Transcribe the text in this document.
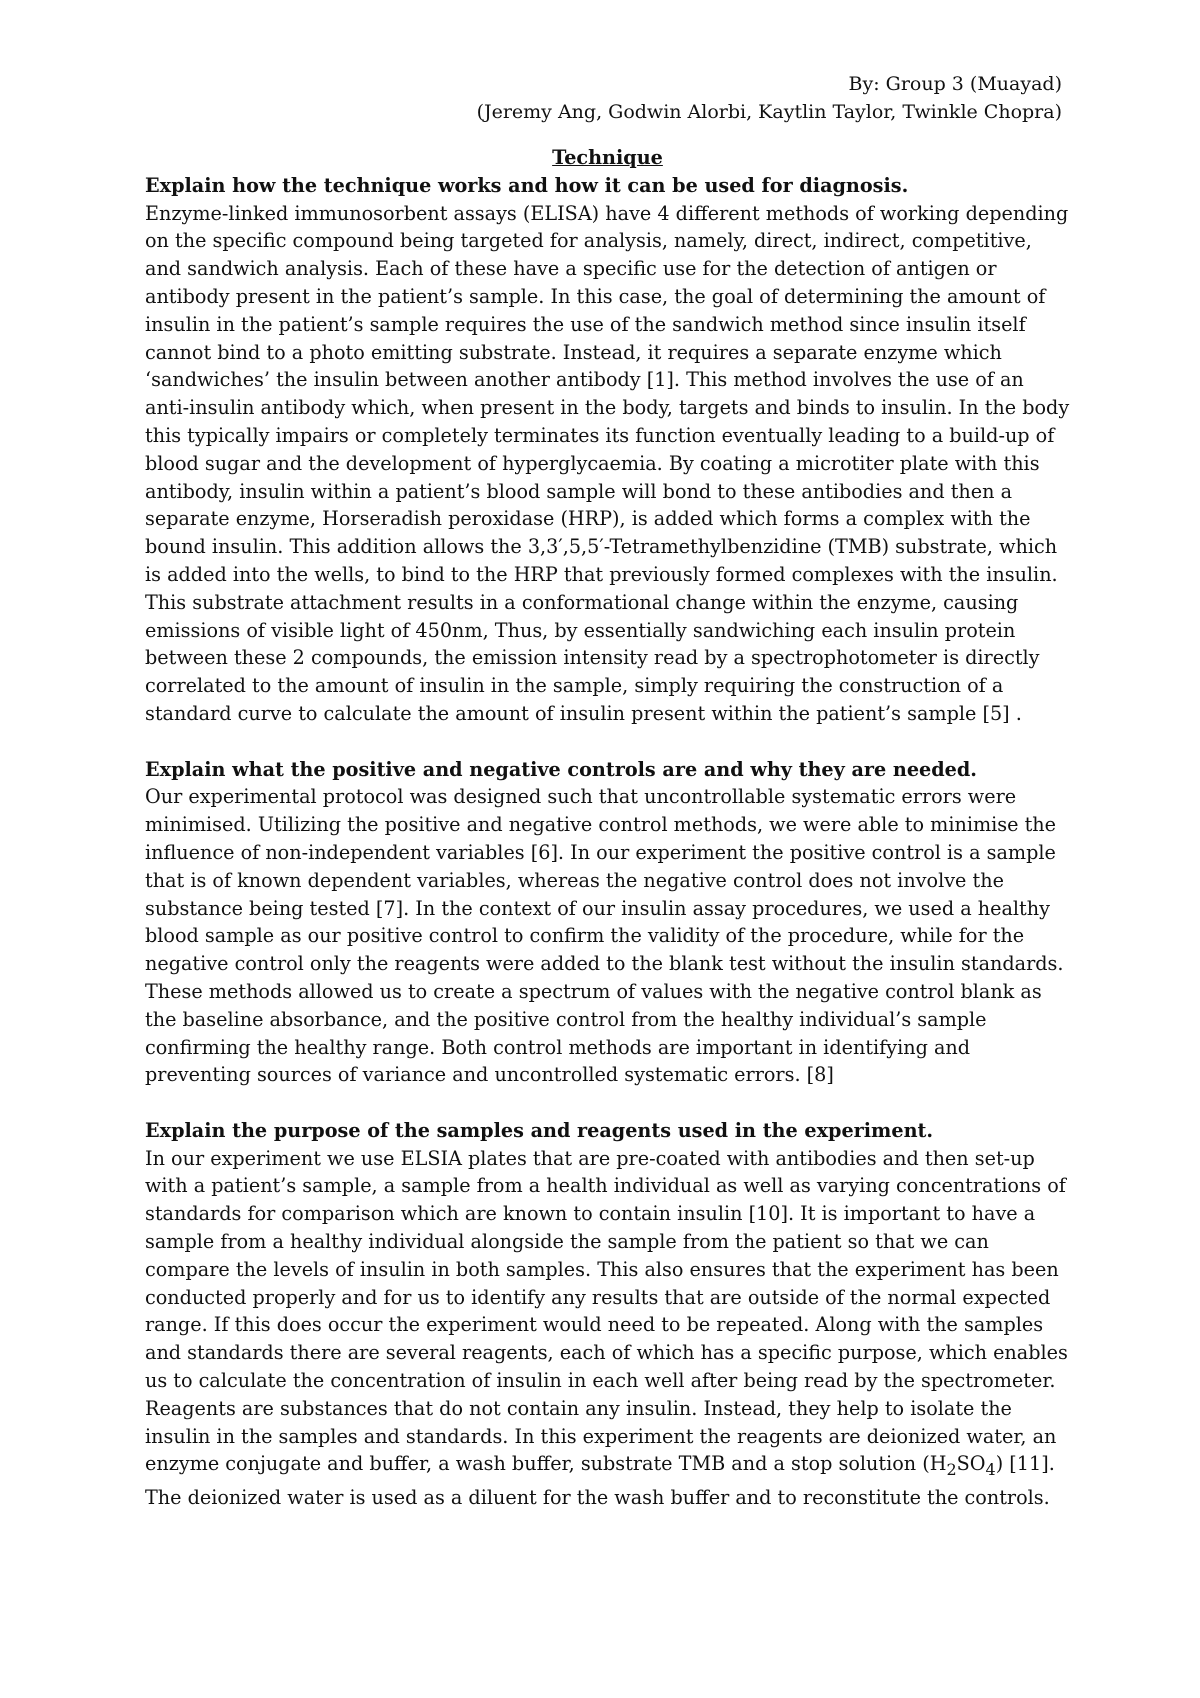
By: Group 3 (Muayad)
(Jeremy Ang, Godwin Alorbi, Kaytlin Taylor, Twinkle Chopra)

Technique

Explain how the technique works and how it can be used for diagnosis.

Enzyme-linked immunosorbent assays (ELISA) have 4 different methods of working depending on the specific compound being targeted for analysis, namely, direct, indirect, competitive, and sandwich analysis. Each of these have a specific use for the detection of antigen or antibody present in the patient’s sample. In this case, the goal of determining the amount of insulin in the patient’s sample requires the use of the sandwich method since insulin itself cannot bind to a photo emitting substrate. Instead, it requires a separate enzyme which ‘sandwiches’ the insulin between another antibody [1]. This method involves the use of an anti-insulin antibody which, when present in the body, targets and binds to insulin. In the body this typically impairs or completely terminates its function eventually leading to a build-up of blood sugar and the development of hyperglycaemia. By coating a microtiter plate with this antibody, insulin within a patient’s blood sample will bond to these antibodies and then a separate enzyme, Horseradish peroxidase (HRP), is added which forms a complex with the bound insulin. This addition allows the 3,3′,5,5′-Tetramethylbenzidine (TMB) substrate, which is added into the wells, to bind to the HRP that previously formed complexes with the insulin. This substrate attachment results in a conformational change within the enzyme, causing emissions of visible light of 450nm, Thus, by essentially sandwiching each insulin protein between these 2 compounds, the emission intensity read by a spectrophotometer is directly correlated to the amount of insulin in the sample, simply requiring the construction of a standard curve to calculate the amount of insulin present within the patient’s sample [5] .

Explain what the positive and negative controls are and why they are needed.

Our experimental protocol was designed such that uncontrollable systematic errors were minimised. Utilizing the positive and negative control methods, we were able to minimise the influence of non-independent variables [6]. In our experiment the positive control is a sample that is of known dependent variables, whereas the negative control does not involve the substance being tested [7]. In the context of our insulin assay procedures, we used a healthy blood sample as our positive control to confirm the validity of the procedure, while for the negative control only the reagents were added to the blank test without the insulin standards. These methods allowed us to create a spectrum of values with the negative control blank as the baseline absorbance, and the positive control from the healthy individual’s sample confirming the healthy range. Both control methods are important in identifying and preventing sources of variance and uncontrolled systematic errors. [8]

Explain the purpose of the samples and reagents used in the experiment.

In our experiment we use ELSIA plates that are pre-coated with antibodies and then set-up with a patient’s sample, a sample from a health individual as well as varying concentrations of standards for comparison which are known to contain insulin [10]. It is important to have a sample from a healthy individual alongside the sample from the patient so that we can compare the levels of insulin in both samples. This also ensures that the experiment has been conducted properly and for us to identify any results that are outside of the normal expected range. If this does occur the experiment would need to be repeated. Along with the samples and standards there are several reagents, each of which has a specific purpose, which enables us to calculate the concentration of insulin in each well after being read by the spectrometer. Reagents are substances that do not contain any insulin. Instead, they help to isolate the insulin in the samples and standards. In this experiment the reagents are deionized water, an enzyme conjugate and buffer, a wash buffer, substrate TMB and a stop solution $(H_2SO_4)$ [11]. The deionized water is used as a diluent for the wash buffer and to reconstitute the controls.
